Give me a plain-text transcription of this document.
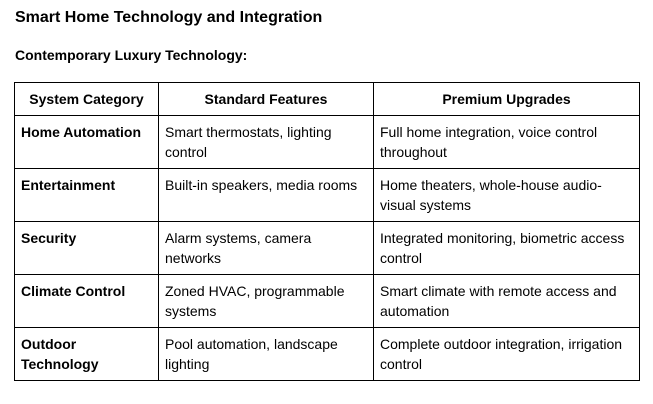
Smart Home Technology and Integration
Contemporary Luxury Technology:
System Category	Standard Features	Premium Upgrades
Home Automation	Smart thermostats, lighting control	Full home integration, voice control throughout
Entertainment	Built-in speakers, media rooms	Home theaters, whole-house audio-visual systems
Security	Alarm systems, camera networks	Integrated monitoring, biometric access control
Climate Control	Zoned HVAC, programmable systems	Smart climate with remote access and automation
Outdoor Technology	Pool automation, landscape lighting	Complete outdoor integration, irrigation control
